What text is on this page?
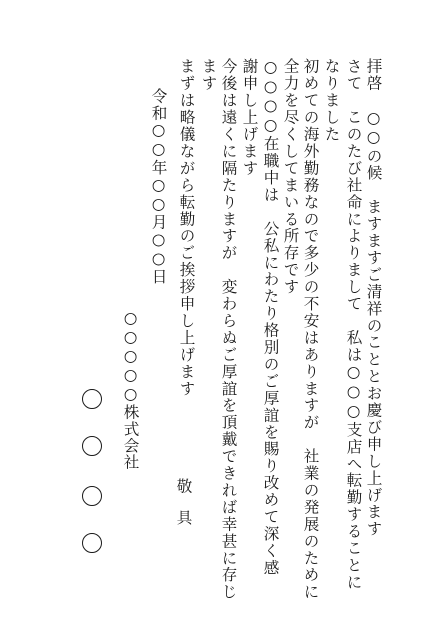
拝啓　○○の候　ますますご清祥のこととお慶び申し上げます
さて　このたび社命によりまして　私は○○○支店へ転勤することに
なりました
初めての海外勤務なので多少の不安はありますが　社業の発展のために
全力を尽くしてまいる所存です
○○○○在職中は　公私にわたり格別のご厚誼を賜り改めて深く感
謝申し上げます
今後は遠くに隔たりますが　変わらぬご厚誼を頂戴できれば幸甚に存じ
ます
まずは略儀ながら転勤のご挨拶申し上げます
敬　具
令和○○年○○月○○日
○○○○○株式会社
